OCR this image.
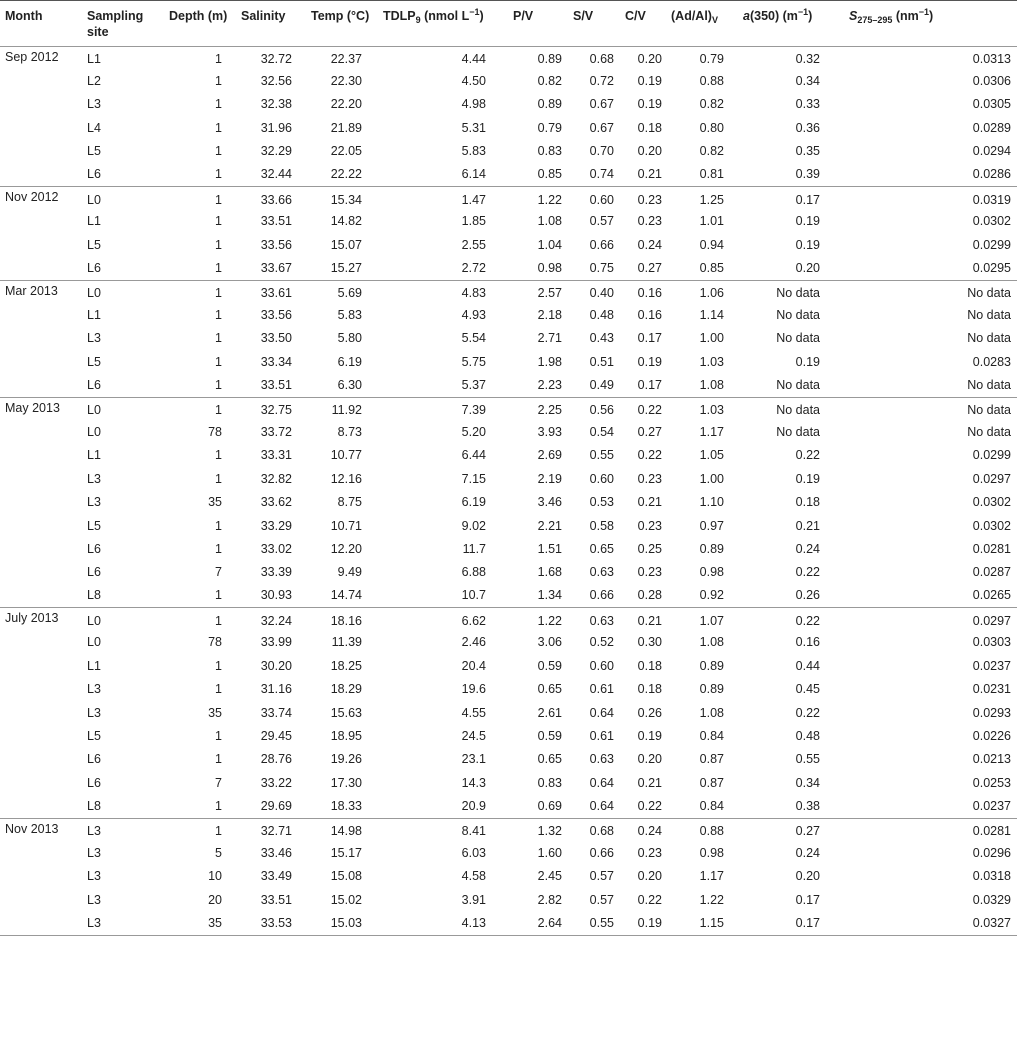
Month	Sampling site	Depth (m)	Salinity	Temp (°C)	$TDLP_9$ (nmol $L^{-1}$)	P/V	S/V	C/V	$(Ad/Al)_V$	a(350) $(m^{-1})$	$S_{275-295}$ $(nm^{-1})$
Sep 2012	L1	1	32.72	22.37	4.44	0.89	0.68	0.20	0.79	0.32	0.0313
	L2	1	32.56	22.30	4.50	0.82	0.72	0.19	0.88	0.34	0.0306
	L3	1	32.38	22.20	4.98	0.89	0.67	0.19	0.82	0.33	0.0305
	L4	1	31.96	21.89	5.31	0.79	0.67	0.18	0.80	0.36	0.0289
	L5	1	32.29	22.05	5.83	0.83	0.70	0.20	0.82	0.35	0.0294
	L6	1	32.44	22.22	6.14	0.85	0.74	0.21	0.81	0.39	0.0286
Nov 2012	L0	1	33.66	15.34	1.47	1.22	0.60	0.23	1.25	0.17	0.0319
	L1	1	33.51	14.82	1.85	1.08	0.57	0.23	1.01	0.19	0.0302
	L5	1	33.56	15.07	2.55	1.04	0.66	0.24	0.94	0.19	0.0299
	L6	1	33.67	15.27	2.72	0.98	0.75	0.27	0.85	0.20	0.0295
Mar 2013	L0	1	33.61	5.69	4.83	2.57	0.40	0.16	1.06	No data	No data
	L1	1	33.56	5.83	4.93	2.18	0.48	0.16	1.14	No data	No data
	L3	1	33.50	5.80	5.54	2.71	0.43	0.17	1.00	No data	No data
	L5	1	33.34	6.19	5.75	1.98	0.51	0.19	1.03	0.19	0.0283
	L6	1	33.51	6.30	5.37	2.23	0.49	0.17	1.08	No data	No data
May 2013	L0	1	32.75	11.92	7.39	2.25	0.56	0.22	1.03	No data	No data
	L0	78	33.72	8.73	5.20	3.93	0.54	0.27	1.17	No data	No data
	L1	1	33.31	10.77	6.44	2.69	0.55	0.22	1.05	0.22	0.0299
	L3	1	32.82	12.16	7.15	2.19	0.60	0.23	1.00	0.19	0.0297
	L3	35	33.62	8.75	6.19	3.46	0.53	0.21	1.10	0.18	0.0302
	L5	1	33.29	10.71	9.02	2.21	0.58	0.23	0.97	0.21	0.0302
	L6	1	33.02	12.20	11.7	1.51	0.65	0.25	0.89	0.24	0.0281
	L6	7	33.39	9.49	6.88	1.68	0.63	0.23	0.98	0.22	0.0287
	L8	1	30.93	14.74	10.7	1.34	0.66	0.28	0.92	0.26	0.0265
July 2013	L0	1	32.24	18.16	6.62	1.22	0.63	0.21	1.07	0.22	0.0297
	L0	78	33.99	11.39	2.46	3.06	0.52	0.30	1.08	0.16	0.0303
	L1	1	30.20	18.25	20.4	0.59	0.60	0.18	0.89	0.44	0.0237
	L3	1	31.16	18.29	19.6	0.65	0.61	0.18	0.89	0.45	0.0231
	L3	35	33.74	15.63	4.55	2.61	0.64	0.26	1.08	0.22	0.0293
	L5	1	29.45	18.95	24.5	0.59	0.61	0.19	0.84	0.48	0.0226
	L6	1	28.76	19.26	23.1	0.65	0.63	0.20	0.87	0.55	0.0213
	L6	7	33.22	17.30	14.3	0.83	0.64	0.21	0.87	0.34	0.0253
	L8	1	29.69	18.33	20.9	0.69	0.64	0.22	0.84	0.38	0.0237
Nov 2013	L3	1	32.71	14.98	8.41	1.32	0.68	0.24	0.88	0.27	0.0281
	L3	5	33.46	15.17	6.03	1.60	0.66	0.23	0.98	0.24	0.0296
	L3	10	33.49	15.08	4.58	2.45	0.57	0.20	1.17	0.20	0.0318
	L3	20	33.51	15.02	3.91	2.82	0.57	0.22	1.22	0.17	0.0329
	L3	35	33.53	15.03	4.13	2.64	0.55	0.19	1.15	0.17	0.0327
